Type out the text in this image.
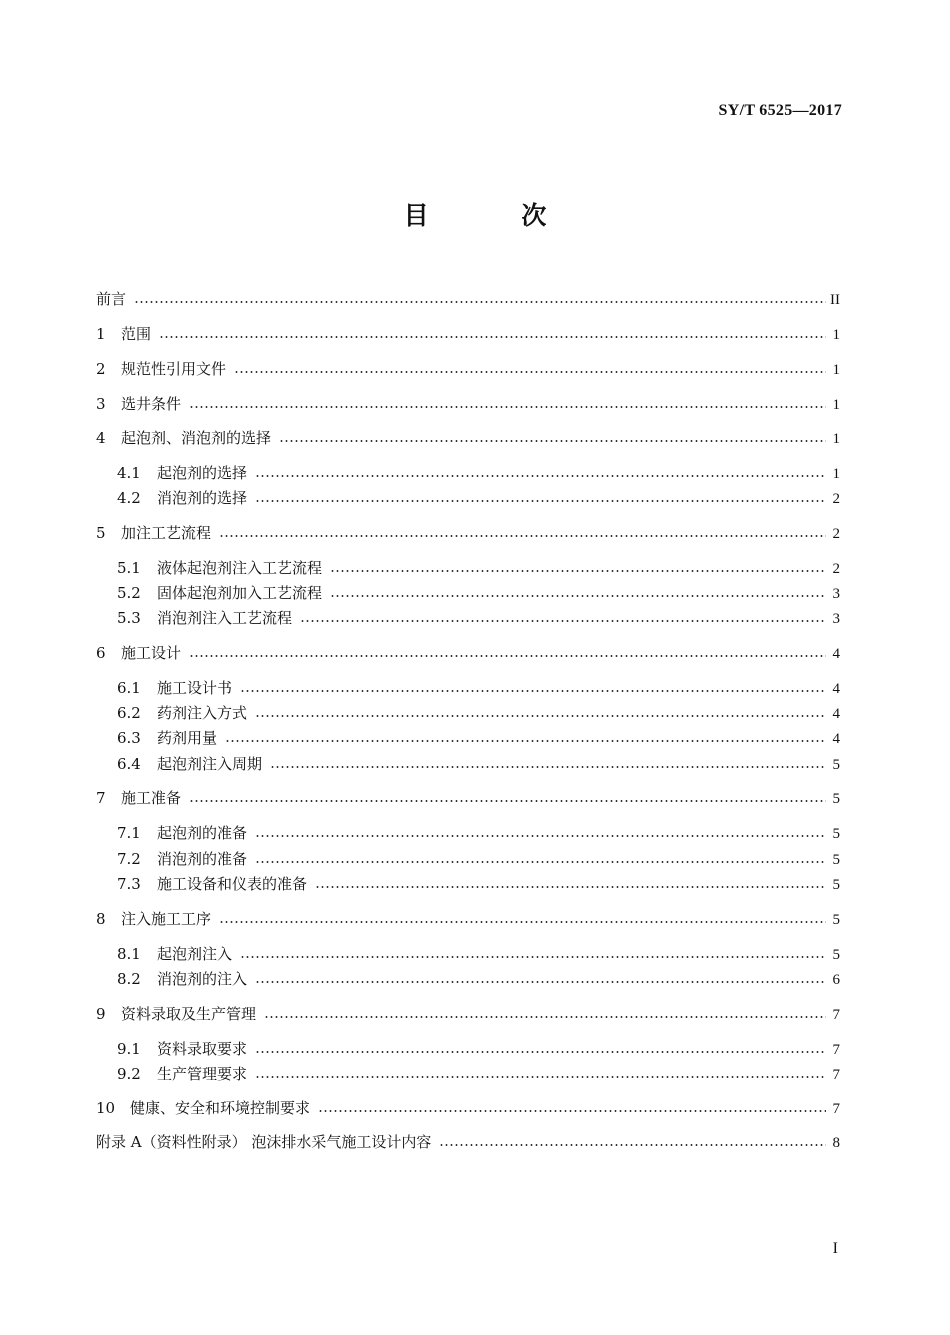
SY/T 6525—2017
目 次
前言	II
1	范围	1
2	规范性引用文件	1
3	选井条件	1
4	起泡剂、消泡剂的选择	1
4.1	起泡剂的选择	1
4.2	消泡剂的选择	2
5	加注工艺流程	2
5.1	液体起泡剂注入工艺流程	2
5.2	固体起泡剂加入工艺流程	3
5.3	消泡剂注入工艺流程	3
6	施工设计	4
6.1	施工设计书	4
6.2	药剂注入方式	4
6.3	药剂用量	4
6.4	起泡剂注入周期	5
7	施工准备	5
7.1	起泡剂的准备	5
7.2	消泡剂的准备	5
7.3	施工设备和仪表的准备	5
8	注入施工工序	5
8.1	起泡剂注入	5
8.2	消泡剂的注入	6
9	资料录取及生产管理	7
9.1	资料录取要求	7
9.2	生产管理要求	7
10 健康、安全和环境控制要求	7
附录 A（资料性附录） 泡沫排水采气施工设计内容	8
I
